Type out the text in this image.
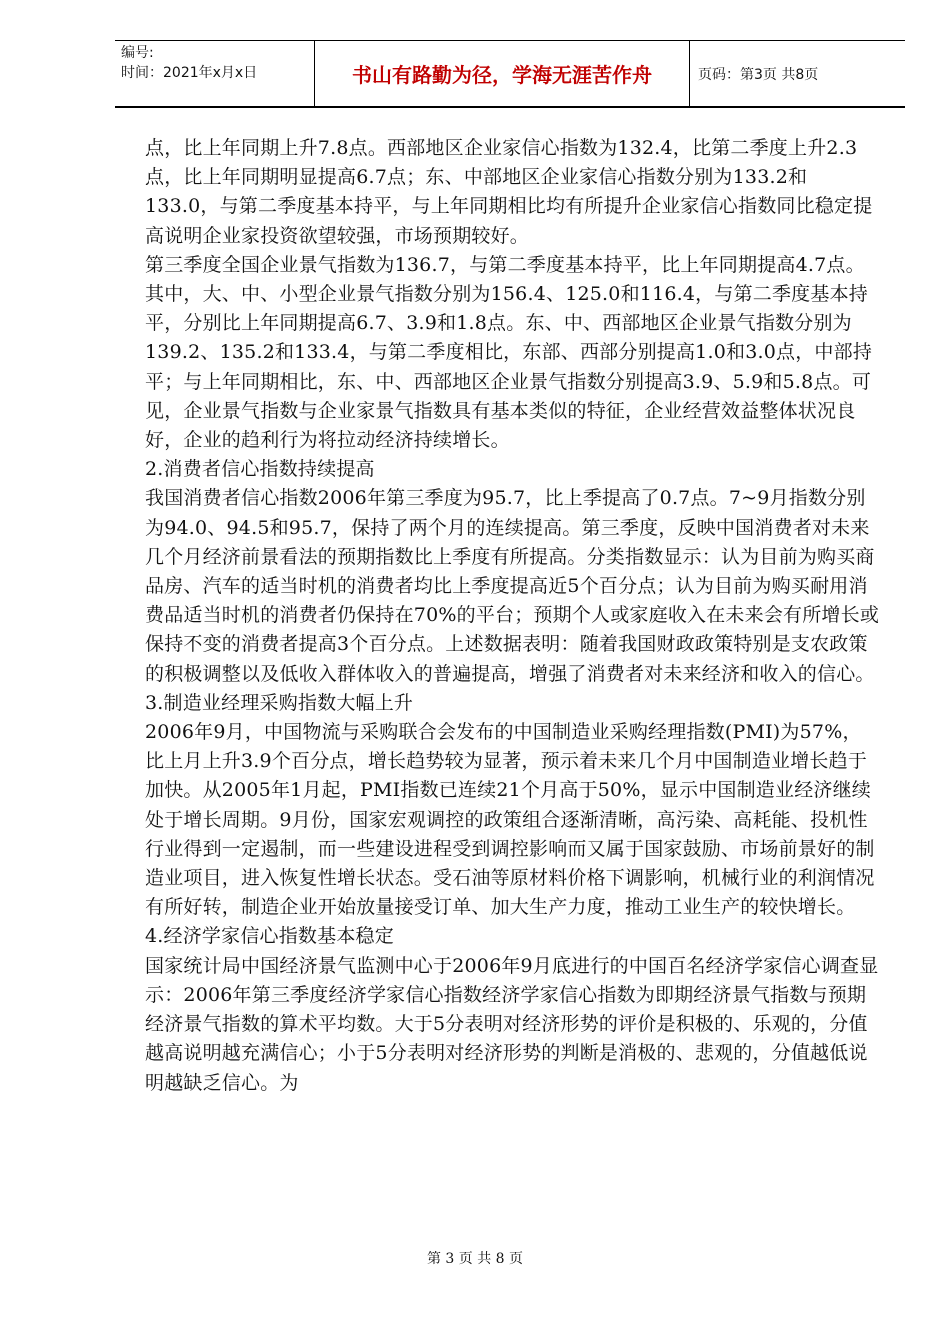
编号:
时间：2021年x月x日	书山有路勤为径，学海无涯苦作舟	页码：第3页 共8页

点，比上年同期上升7.8点。西部地区企业家信心指数为132.4，比第二季度上升2.3点，比上年同期明显提高6.7点；东、中部地区企业家信心指数分别为133.2和133.0，与第二季度基本持平，与上年同期相比均有所提升企业家信心指数同比稳定提高说明企业家投资欲望较强，市场预期较好。

第三季度全国企业景气指数为136.7，与第二季度基本持平，比上年同期提高4.7点。其中，大、中、小型企业景气指数分别为156.4、125.0和116.4，与第二季度基本持平，分别比上年同期提高6.7、3.9和1.8点。东、中、西部地区企业景气指数分别为139.2、135.2和133.4，与第二季度相比，东部、西部分别提高1.0和3.0点，中部持平；与上年同期相比，东、中、西部地区企业景气指数分别提高3.9、5.9和5.8点。可见，企业景气指数与企业家景气指数具有基本类似的特征，企业经营效益整体状况良好，企业的趋利行为将拉动经济持续增长。

2.消费者信心指数持续提高

我国消费者信心指数2006年第三季度为95.7，比上季提高了0.7点。7~9月指数分别为94.0、94.5和95.7，保持了两个月的连续提高。第三季度，反映中国消费者对未来几个月经济前景看法的预期指数比上季度有所提高。分类指数显示：认为目前为购买商品房、汽车的适当时机的消费者均比上季度提高近5个百分点；认为目前为购买耐用消费品适当时机的消费者仍保持在70%的平台；预期个人或家庭收入在未来会有所增长或保持不变的消费者提高3个百分点。上述数据表明：随着我国财政政策特别是支农政策的积极调整以及低收入群体收入的普遍提高，增强了消费者对未来经济和收入的信心。

3.制造业经理采购指数大幅上升

2006年9月，中国物流与采购联合会发布的中国制造业采购经理指数(PMI)为57%，比上月上升3.9个百分点，增长趋势较为显著，预示着未来几个月中国制造业增长趋于加快。从2005年1月起，PMI指数已连续21个月高于50%，显示中国制造业经济继续处于增长周期。9月份，国家宏观调控的政策组合逐渐清晰，高污染、高耗能、投机性行业得到一定遏制，而一些建设进程受到调控影响而又属于国家鼓励、市场前景好的制造业项目，进入恢复性增长状态。受石油等原材料价格下调影响，机械行业的利润情况有所好转，制造企业开始放量接受订单、加大生产力度，推动工业生产的较快增长。

4.经济学家信心指数基本稳定

国家统计局中国经济景气监测中心于2006年9月底进行的中国百名经济学家信心调查显示：2006年第三季度经济学家信心指数经济学家信心指数为即期经济景气指数与预期经济景气指数的算术平均数。大于5分表明对经济形势的评价是积极的、乐观的，分值越高说明越充满信心；小于5分表明对经济形势的判断是消极的、悲观的，分值越低说明越缺乏信心。为

第 3 页 共 8 页
